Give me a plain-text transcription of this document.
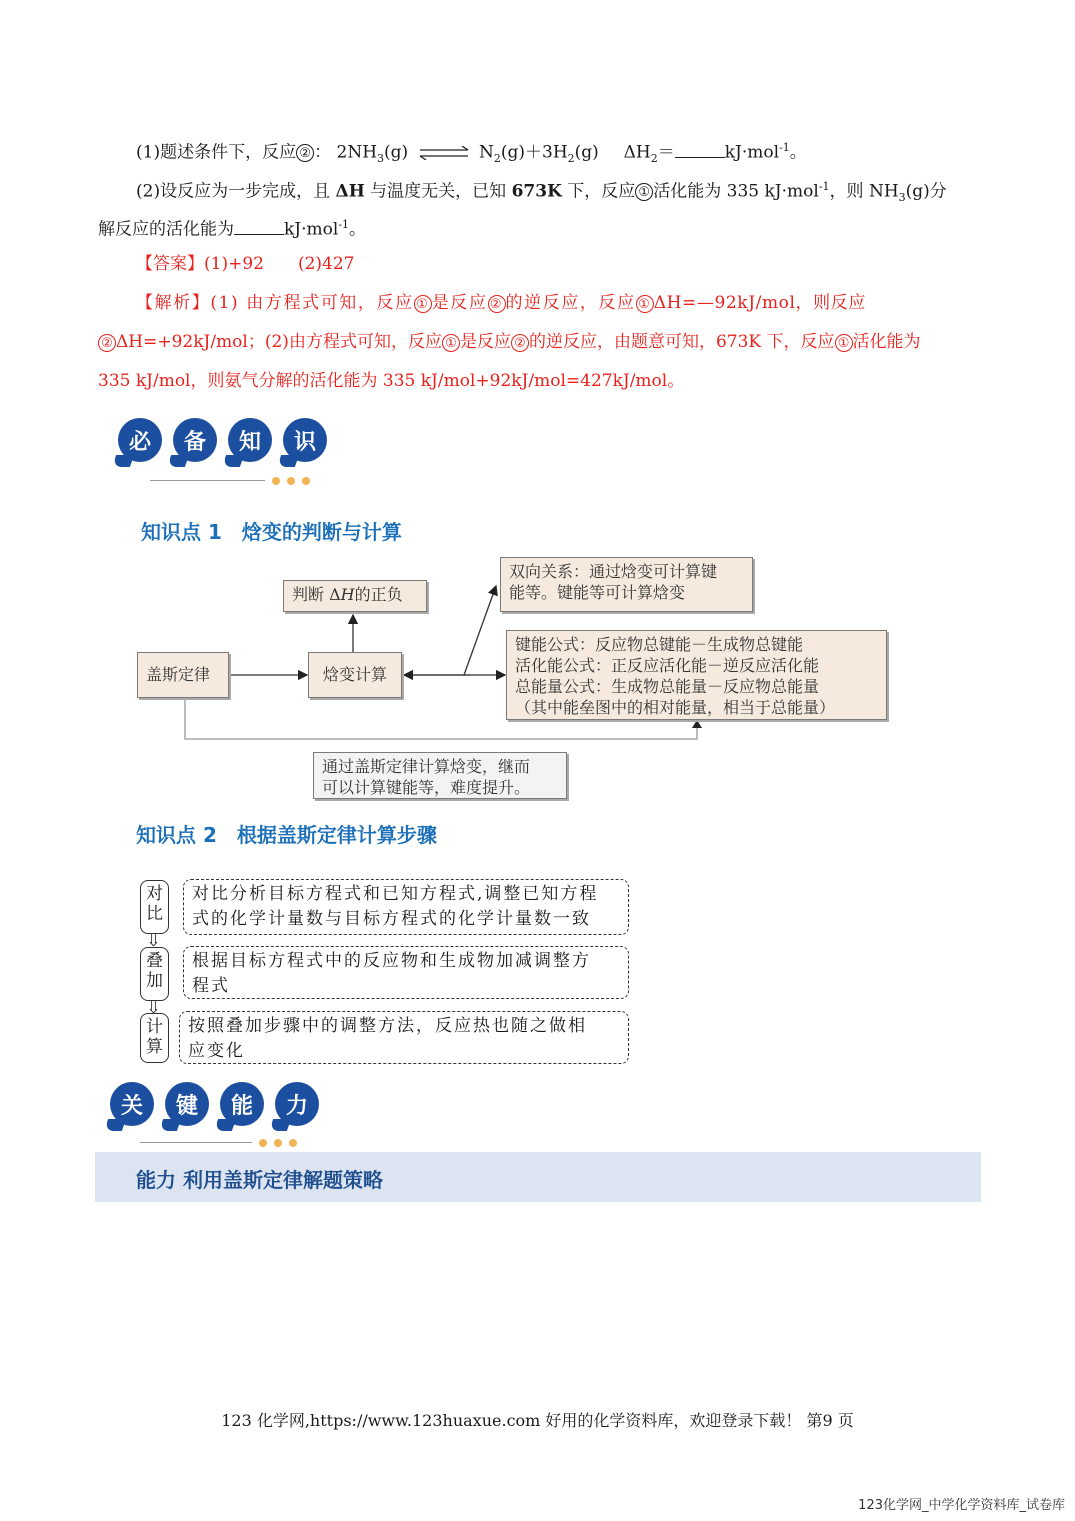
(1)题述条件下，反应 ② ： $2NH_3(g)$ ⇌ $N_2(g)+3H_2(g)$ $\Delta H_2=$	kJ·mol$^{-1}$。
(2)设反应为一步完成，且 ΔH 与温度无关，已知 673K 下，反应 ① 活化能为 335 kJ·mol$^{-1}$，则 $NH_3(g)$分
解反应的活化能为	kJ·mol$^{-1}$。
【答案】(1)+92　　(2)427
【解析】(1) 由方程式可知，反应 ① 是反应 ② 的逆反应，反应 ① ΔH=—92kJ/mol，则反应
② ΔH=+92kJ/mol；(2)由方程式可知，反应 ① 是反应 ② 的逆反应，由题意可知，673K 下，反应 ① 活化能为
335 kJ/mol，则氨气分解的活化能为 335 kJ/mol+92kJ/mol=427kJ/mol。
必	备	知	识
知识点 1　焓变的判断与计算
判断 ΔH的正负
双向关系：通过焓变可计算键
能等。键能等可计算焓变
盖斯定律	焓变计算
键能公式：反应物总键能－生成物总键能
活化能公式：正反应活化能－逆反应活化能
总能量公式：生成物总能量－反应物总能量
（其中能垒图中的相对能量，相当于总能量）
通过盖斯定律计算焓变，继而
可以计算键能等，难度提升。
知识点 2　根据盖斯定律计算步骤
对
比
⇩
叠
加
⇩
计
算
对比分析目标方程式和已知方程式,调整已知方程
式的化学计量数与目标方程式的化学计量数一致
根据目标方程式中的反应物和生成物加减调整方
程式
按照叠加步骤中的调整方法，反应热也随之做相
应变化
关	键	能	力
能力 利用盖斯定律解题策略
123 化学网,https://www.123huaxue.com 好用的化学资料库，欢迎登录下载！ 第9 页
123化学网_中学化学资料库_试卷库
